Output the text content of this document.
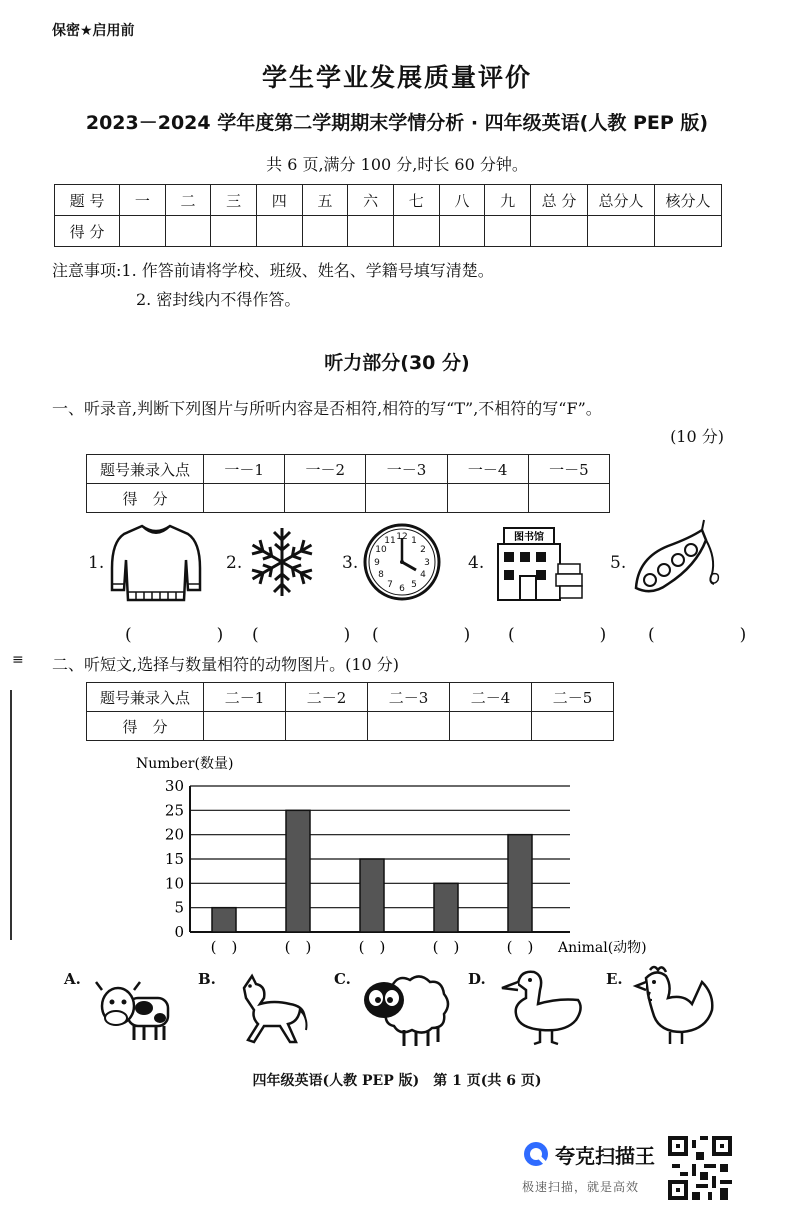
保密★启用前
学生学业发展质量评价
2023－2024 学年度第二学期期末学情分析 · 四年级英语(人教 PEP 版)
共 6 页,满分 100 分,时长 60 分钟。
题 号	一	二	三	四	五	六	七	八	九	总 分	总分人	核分人
得 分												
注意事项:1. 作答前请将学校、班级、姓名、学籍号填写清楚。
2. 密封线内不得作答。
听力部分(30 分)
一、听录音,判断下列图片与所听内容是否相符,相符的写“T”,不相符的写“F”。
(10 分)
题号兼录入点	一－1	一－2	一－3	一－4	一－5
得　分					
1.
(　)
2.
(　)
3.
12 1
2
3
4
5
6
7
8
9
10
11
(　)
4.
图书馆
(　)
5.
(　)
≡ 二、听短文,选择与数量相符的动物图片。(10 分)
题号兼录入点	二－1	二－2	二－3	二－4	二－5
得　分					
Number(数量)
Animal(动物)
0
5
10
15
20
25
30
(　)	(　)	(　)	(　)	(　)
A.	B.	C.	D.	E.
四年级英语(人教 PEP 版)　第 1 页(共 6 页)
夸克扫描王
极速扫描，就是高效
